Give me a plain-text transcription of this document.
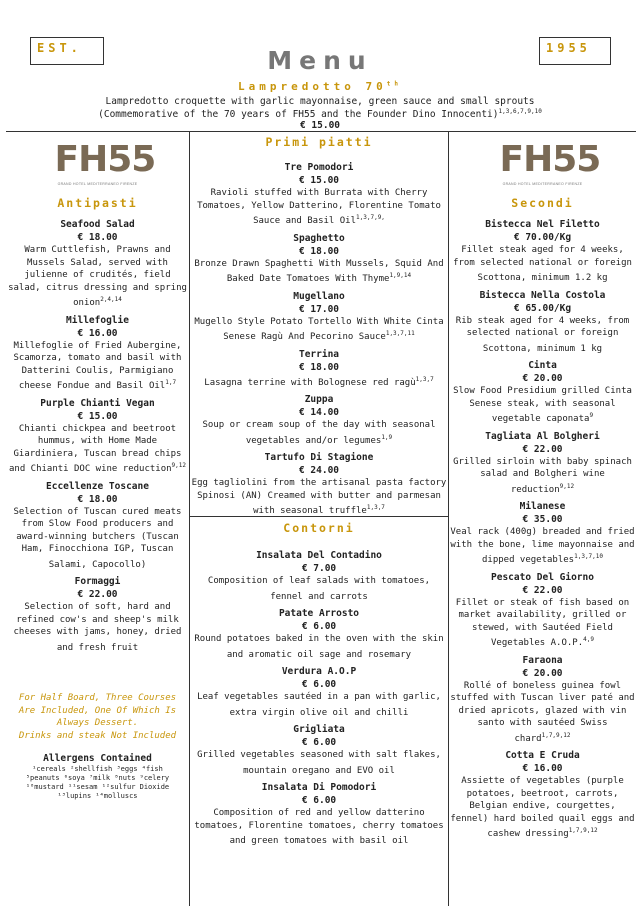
EST.	1955
Menu
Lampredotto 70th
Lampredotto croquette with garlic mayonnaise, green sauce and small sprouts
(Commemorative of the 70 years of FH55 and the Founder Dino Innocenti)$^{1,3,6,7,9,10}$
€ 15.00
FH55
GRAND HOTEL MEDITERRANEO FIRENZE
Antipasti
Seafood Salad
€ 18.00
Warm Cuttlefish, Prawns and Mussels Salad, served with julienne of crudités, field salad, citrus dressing and spring onion$^{2,4,14}$
Millefoglie
€ 16.00
Millefoglie of Fried Aubergine, Scamorza, tomato and basil with Datterini Coulis, Parmigiano cheese Fondue and Basil Oil$^{1,7}$
Purple Chianti Vegan
€ 15.00
Chianti chickpea and beetroot hummus, with Home Made Giardiniera, Tuscan bread chips and Chianti DOC wine reduction$^{9,12}$
Eccellenze Toscane
€ 18.00
Selection of Tuscan cured meats from Slow Food producers and award-winning butchers (Tuscan Ham, Finocchiona IGP, Tuscan Salami, Capocollo)
Formaggi
€ 22.00
Selection of soft, hard and refined cow's and sheep's milk cheeses with jams, honey, dried and fresh fruit
For Half Board, Three Courses
Are Included, One Of Which Is
Always Dessert.
Drinks and steak Not Included
Allergens Contained
¹cereals ²shellfish ³eggs ⁴fish
⁵peanuts ⁶soya ⁷milk ⁸nuts ⁹celery
¹⁰mustard ¹¹sesam ¹²sulfur Dioxide
¹³lupins ¹⁴molluscs
Primi piatti
Tre Pomodori
€ 15.00
Ravioli stuffed with Burrata with Cherry Tomatoes, Yellow Datterino, Florentine Tomato Sauce and Basil Oil$^{1,3,7,9,}$
Spaghetto
€ 18.00
Bronze Drawn Spaghetti With Mussels, Squid And Baked Date Tomatoes With Thyme$^{1,9,14}$
Mugellano
€ 17.00
Mugello Style Potato Tortello With White Cinta Senese Ragù And Pecorino Sauce$^{1,3,7,11}$
Terrina
€ 18.00
Lasagna terrine with Bolognese red ragù$^{1,3,7}$
Zuppa
€ 14.00
Soup or cream soup of the day with seasonal vegetables and/or legumes$^{1,9}$
Tartufo Di Stagione
€ 24.00
Egg tagliolini from the artisanal pasta factory Spinosi (AN) Creamed with butter and parmesan with seasonal truffle$^{1,3,7}$
Contorni
Insalata Del Contadino
€ 7.00
Composition of leaf salads with tomatoes, fennel and carrots
Patate Arrosto
€ 6.00
Round potatoes baked in the oven with the skin and aromatic oil sage and rosemary
Verdura A.O.P
€ 6.00
Leaf vegetables sautéed in a pan with garlic, extra virgin olive oil and chilli
Grigliata
€ 6.00
Grilled vegetables seasoned with salt flakes, mountain oregano and EVO oil
Insalata Di Pomodori
€ 6.00
Composition of red and yellow datterino tomatoes, Florentine tomatoes, cherry tomatoes and green tomatoes with basil oil
FH55
GRAND HOTEL MEDITERRANEO FIRENZE
Secondi
Bistecca Nel Filetto
€ 70.00/Kg
Fillet steak aged for 4 weeks, from selected national or foreign Scottona, minimum 1.2 kg
Bistecca Nella Costola
€ 65.00/Kg
Rib steak aged for 4 weeks, from selected national or foreign Scottona, minimum 1 kg
Cinta
€ 20.00
Slow Food Presidium grilled Cinta Senese steak, with seasonal vegetable caponata$^9$
Tagliata Al Bolgheri
€ 22.00
Grilled sirloin with baby spinach salad and Bolgheri wine reduction$^{9,12}$
Milanese
€ 35.00
Veal rack (400g) breaded and fried with the bone, lime mayonnaise and dipped vegetables$^{1,3,7,10}$
Pescato Del Giorno
€ 22.00
Fillet or steak of fish based on market availability, grilled or stewed, with Sautéed Field Vegetables A.O.P.$^{4,9}$
Faraona
€ 20.00
Rollé of boneless guinea fowl stuffed with Tuscan liver paté and dried apricots, glazed with vin santo with sautéed Swiss chard$^{1,7,9,12}$
Cotta E Cruda
€ 16.00
Assiette of vegetables (purple potatoes, beetroot, carrots, Belgian endive, courgettes, fennel) hard boiled quail eggs and cashew dressing$^{1,7,9,12}$
